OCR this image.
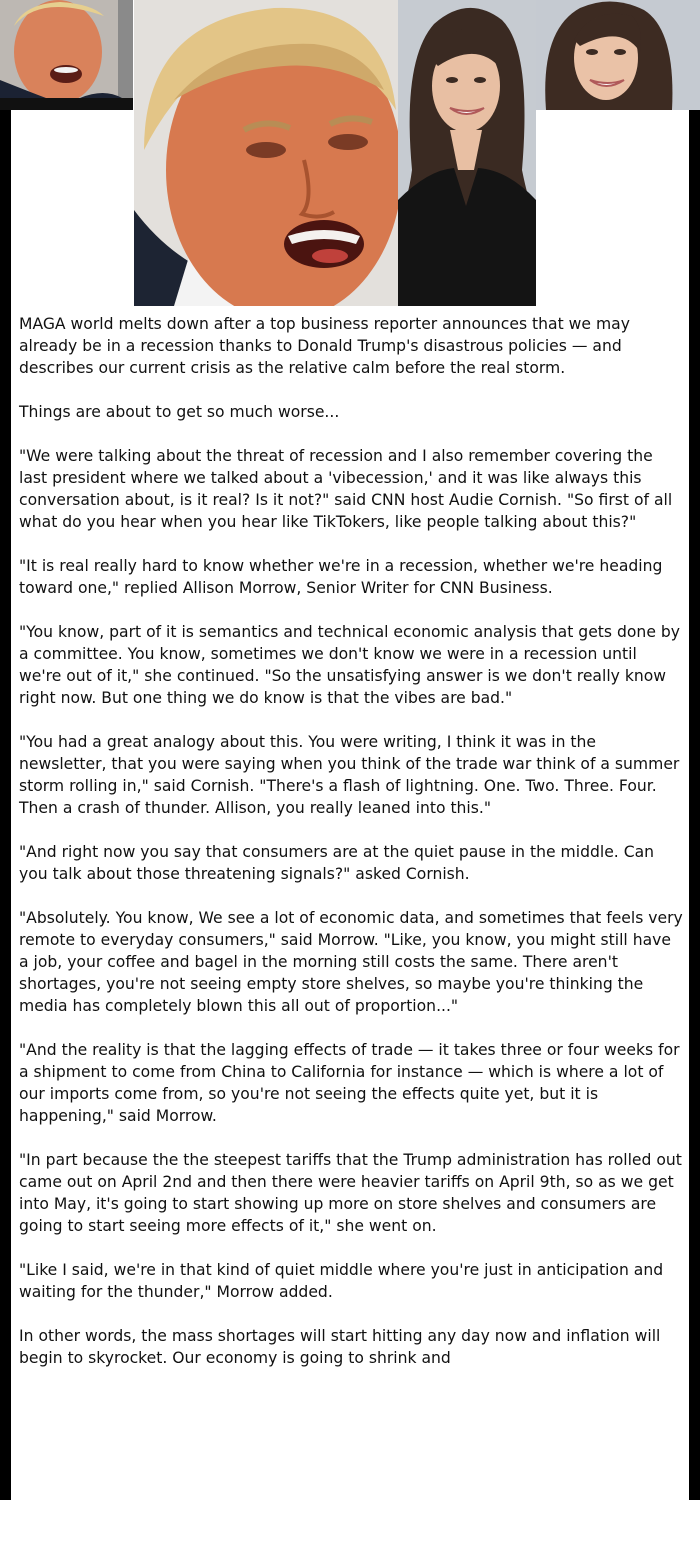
MAGA world melts down after a top business reporter announces that we may already be in a recession thanks to Donald Trump's disastrous policies — and describes our current crisis as the relative calm before the real storm.

Things are about to get so much worse...

"We were talking about the threat of recession and I also remember covering the last president where we talked about a 'vibecession,' and it was like always this conversation about, is it real? Is it not?" said CNN host Audie Cornish. "So first of all what do you hear when you hear like TikTokers, like people talking about this?"

"It is real really hard to know whether we're in a recession, whether we're heading toward one," replied Allison Morrow, Senior Writer for CNN Business.

"You know, part of it is semantics and technical economic analysis that gets done by a committee. You know, sometimes we don't know we were in a recession until we're out of it," she continued. "So the unsatisfying answer is we don't really know right now. But one thing we do know is that the vibes are bad."

"You had a great analogy about this. You were writing, I think it was in the newsletter, that you were saying when you think of the trade war think of a summer storm rolling in," said Cornish. "There's a flash of lightning. One. Two. Three. Four. Then a crash of thunder. Allison, you really leaned into this."

"And right now you say that consumers are at the quiet pause in the middle. Can you talk about those threatening signals?" asked Cornish.

"Absolutely. You know, We see a lot of economic data, and sometimes that feels very remote to everyday consumers," said Morrow. "Like, you know, you might still have a job, your coffee and bagel in the morning still costs the same. There aren't shortages, you're not seeing empty store shelves, so maybe you're thinking the media has completely blown this all out of proportion..."

"And the reality is that the lagging effects of trade — it takes three or four weeks for a shipment to come from China to California for instance — which is where a lot of our imports come from, so you're not seeing the effects quite yet, but it is happening," said Morrow.

"In part because the the steepest tariffs that the Trump administration has rolled out came out on April 2nd and then there were heavier tariffs on April 9th, so as we get into May, it's going to start showing up more on store shelves and consumers are going to start seeing more effects of it," she went on.

"Like I said, we're in that kind of quiet middle where you're just in anticipation and waiting for the thunder," Morrow added.

In other words, the mass shortages will start hitting any day now and inflation will begin to skyrocket. Our economy is going to shrink and
